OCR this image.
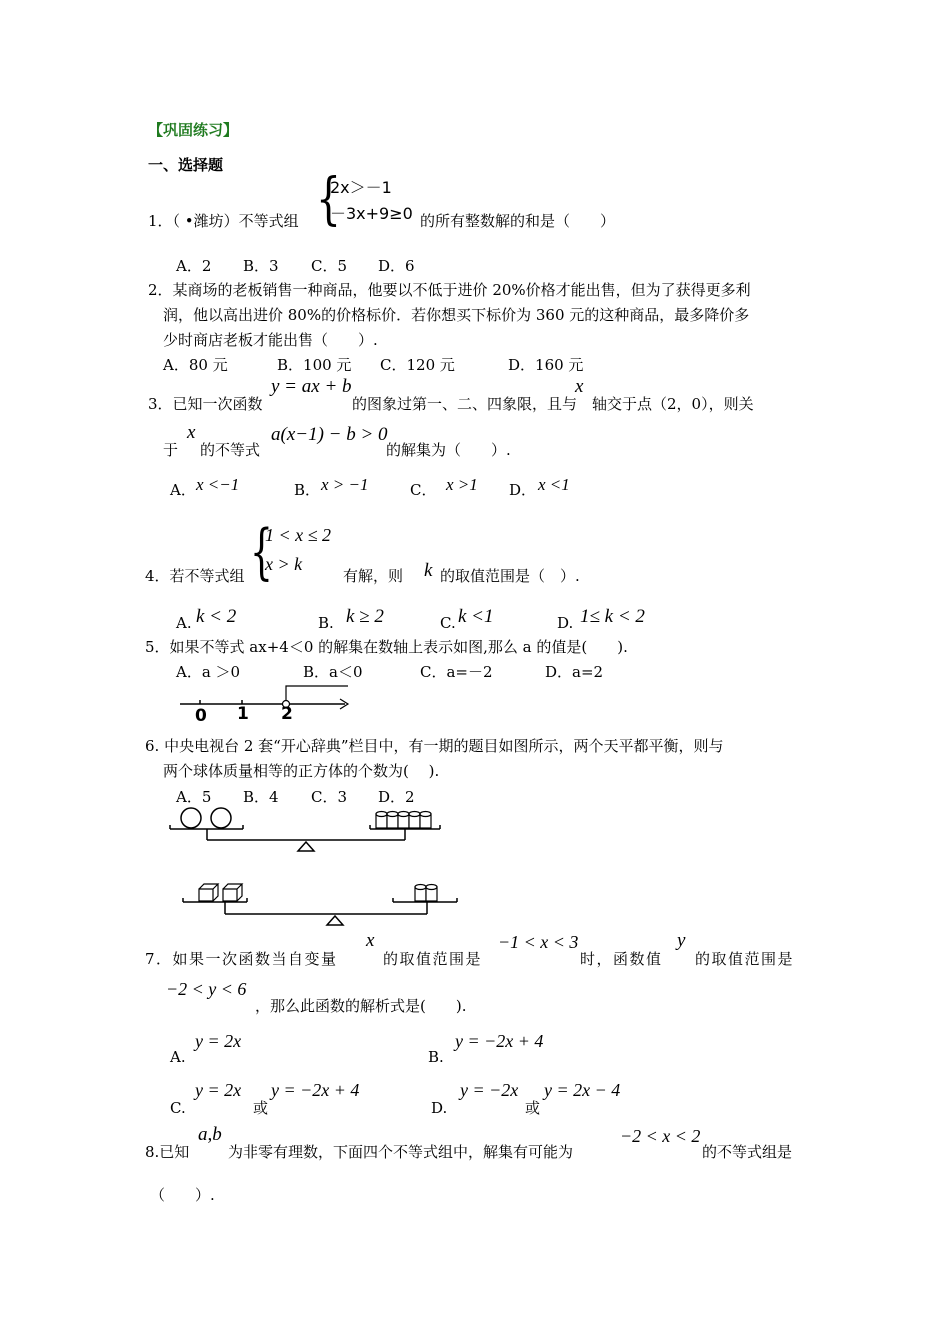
【巩固练习】
一、选择题
1．（ •潍坊）不等式组 {
2x＞－1
－3x+9≥0 的所有整数解的和是（　　）
A．2 B．3 C．5 D．6
2．某商场的老板销售一种商品，他要以不低于进价 20%价格才能出售，但为了获得更多利
润，他以高出进价 80%的价格标价．若你想买下标价为 360 元的这种商品，最多降价多
少时商店老板才能出售（　　）.
A．80 元	B．100 元 C．120 元	D．160 元
3．已知一次函数
y = ax + b
的图象过第一、二、四象限，且与
x
轴交于点（2，0），则关
于
x
的不等式
a(x−1) − b > 0
的解集为（　　）.
A． x <−1	B． x > −1	C． x >1 D． x <1
4．若不等式组 {
1 < x ≤ 2
x > k
有解，则 k 的取值范围是（　）.
A. k < 2	B. k ≥ 2	C. k <1	D. 1≤ k < 2
5．如果不等式 ax+4＜0 的解集在数轴上表示如图,那么 a 的值是(　　).
A．a ＞0	B．a＜0	C．a=－2	D．a=2
0 1 2
6. 中央电视台 2 套“开心辞典”栏目中，有一期的题目如图所示，两个天平都平衡，则与
两个球体质量相等的正方体的个数为(　 ).
A．5 B．4 C．3 D．2
7．如果一次函数当自变量
x
的取值范围是
−1 < x < 3
时，函数值
y
的取值范围是
−2 < y < 6
，那么此函数的解析式是(　　).
A.
y = 2x
B.
y = −2x + 4
C.
y = 2x
或
y = −2x + 4
D.
y = −2x
或
y = 2x − 4
8.已知
a,b
为非零有理数，下面四个不等式组中，解集有可能为
−2 < x < 2
的不等式组是
（　　）.
